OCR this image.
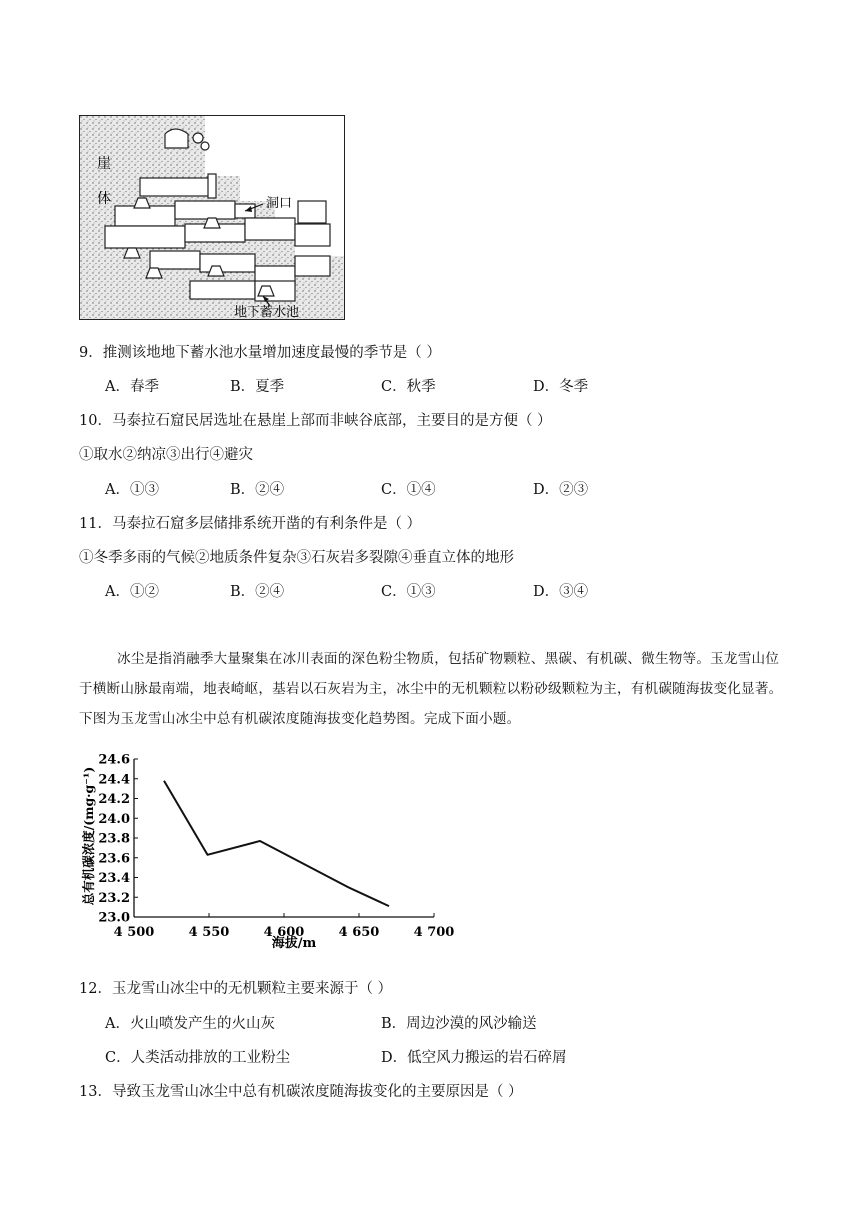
崖
体	洞口
地下蓄水池
9．推测该地地下蓄水池水量增加速度最慢的季节是（ ）
A．春季	B．夏季	C．秋季	D．冬季
10．马泰拉石窟民居选址在悬崖上部而非峡谷底部，主要目的是方便（ ）
①取水②纳凉③出行④避灾
A．①③	B．②④	C．①④	D．②③
11．马泰拉石窟多层储排系统开凿的有利条件是（ ）
①冬季多雨的气候②地质条件复杂③石灰岩多裂隙④垂直立体的地形
A．①②	B．②④	C．①③	D．③④
冰尘是指消融季大量聚集在冰川表面的深色粉尘物质，包括矿物颗粒、黑碳、有机碳、微生物等。玉龙雪山位于横断山脉最南端，地表崎岖，基岩以石灰岩为主，冰尘中的无机颗粒以粉砂级颗粒为主，有机碳随海拔变化显著。下图为玉龙雪山冰尘中总有机碳浓度随海拔变化趋势图。完成下面小题。
23.0
23.2
23.4
23.6
23.8
24.0
24.2
24.4
24.6
4 500	4 550	4 600	4 650	4 700
海拔/m
总有机碳浓度/(mg·g⁻¹)
12．玉龙雪山冰尘中的无机颗粒主要来源于（ ）
A．火山喷发产生的火山灰	B．周边沙漠的风沙输送
C．人类活动排放的工业粉尘	D．低空风力搬运的岩石碎屑
13．导致玉龙雪山冰尘中总有机碳浓度随海拔变化的主要原因是（ ）
